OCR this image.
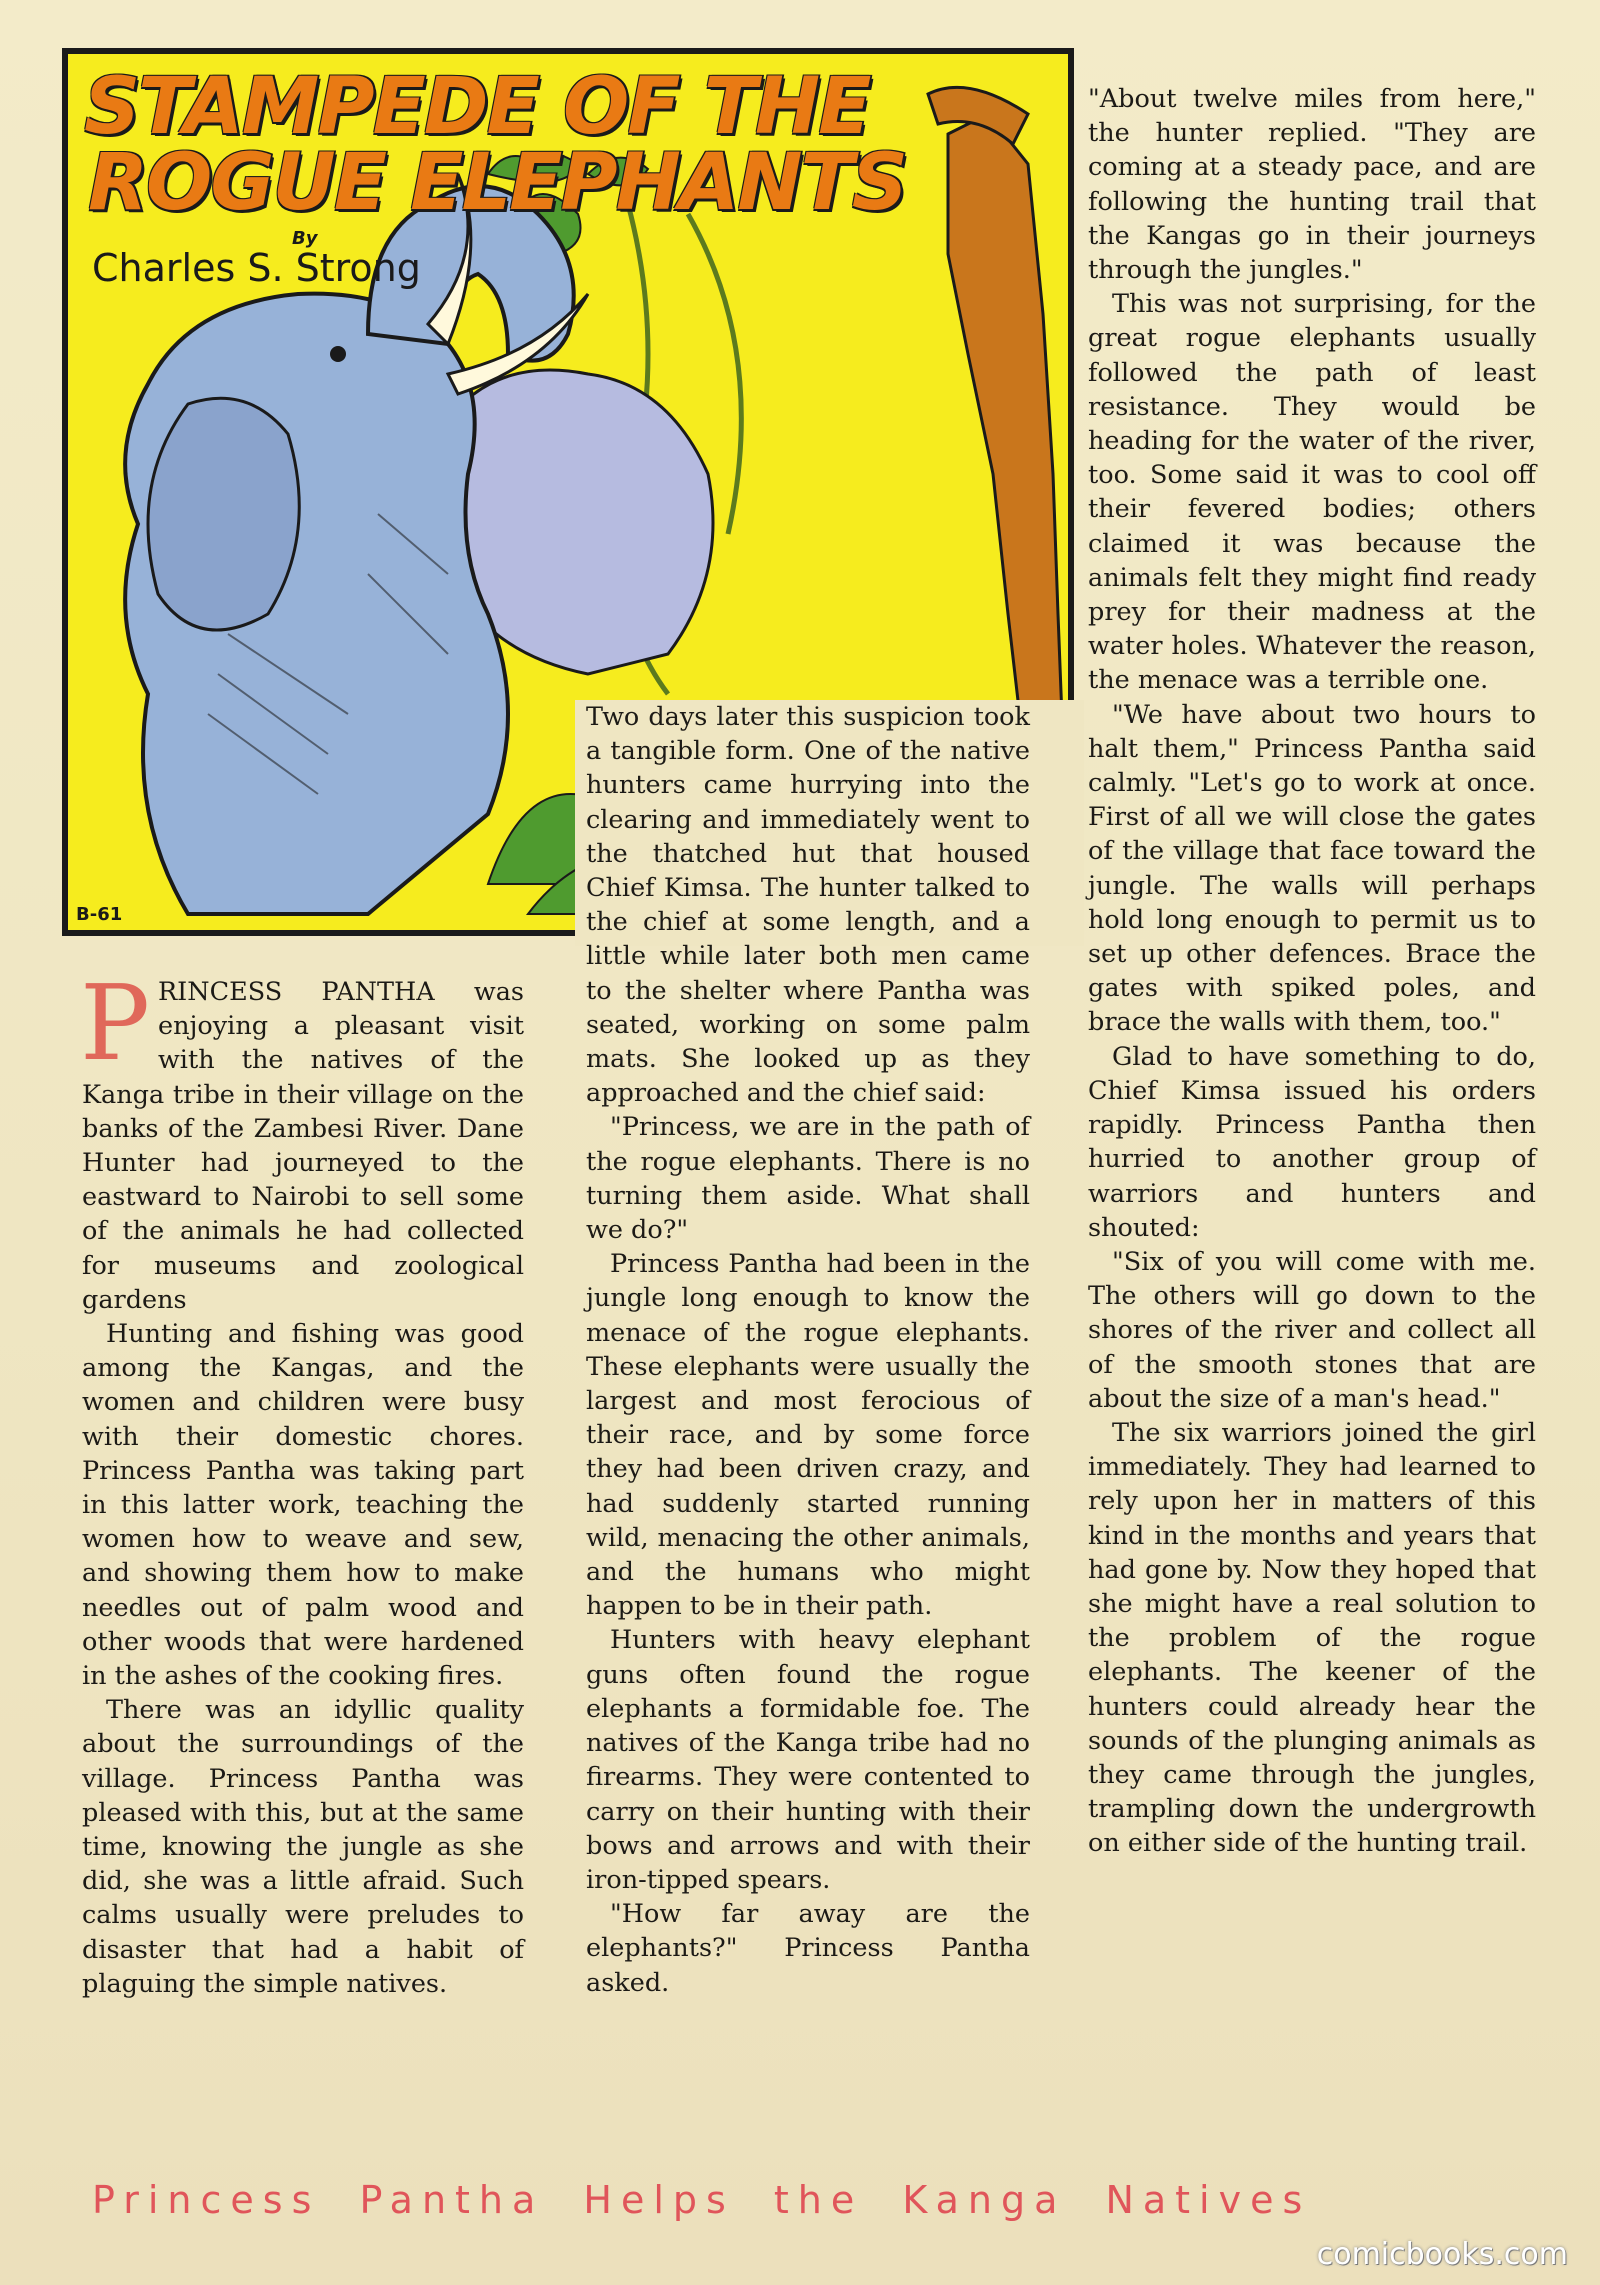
STAMPEDE OF THE
ROGUE ELEPHANTS
By
Charles S. Strong
B-61

PRINCESS PANTHA was enjoying a pleasant visit with the natives of the Kanga tribe in their village on the banks of the Zambesi River. Dane Hunter had journeyed to the eastward to Nairobi to sell some of the animals he had collected for museums and zoological gardens

Hunting and fishing was good among the Kangas, and the women and children were busy with their domestic chores. Princess Pantha was taking part in this latter work, teaching the women how to weave and sew, and showing them how to make needles out of palm wood and other woods that were hardened in the ashes of the cooking fires.

There was an idyllic quality about the surroundings of the village. Princess Pantha was pleased with this, but at the same time, knowing the jungle as she did, she was a little afraid. Such calms usually were preludes to disaster that had a habit of plaguing the simple natives.

Two days later this suspicion took a tangible form. One of the native hunters came hurrying into the clearing and immediately went to the thatched hut that housed Chief Kimsa. The hunter talked to the chief at some length, and a little while later both men came to the shelter where Pantha was seated, working on some palm mats. She looked up as they approached and the chief said:

"Princess, we are in the path of the rogue elephants. There is no turning them aside. What shall we do?"

Princess Pantha had been in the jungle long enough to know the menace of the rogue elephants. These elephants were usually the largest and most ferocious of their race, and by some force they had been driven crazy, and had suddenly started running wild, menacing the other animals, and the humans who might happen to be in their path.

Hunters with heavy elephant guns often found the rogue elephants a formidable foe. The natives of the Kanga tribe had no firearms. They were contented to carry on their hunting with their bows and arrows and with their iron-tipped spears.

"How far away are the elephants?" Princess Pantha asked.

"About twelve miles from here," the hunter replied. "They are coming at a steady pace, and are following the hunting trail that the Kangas go in their journeys through the jungles."

This was not surprising, for the great rogue elephants usually followed the path of least resistance. They would be heading for the water of the river, too. Some said it was to cool off their fevered bodies; others claimed it was because the animals felt they might find ready prey for their madness at the water holes. Whatever the reason, the menace was a terrible one.

"We have about two hours to halt them," Princess Pantha said calmly. "Let's go to work at once. First of all we will close the gates of the village that face toward the jungle. The walls will perhaps hold long enough to permit us to set up other defences. Brace the gates with spiked poles, and brace the walls with them, too."

Glad to have something to do, Chief Kimsa issued his orders rapidly. Princess Pantha then hurried to another group of warriors and hunters and shouted:

"Six of you will come with me. The others will go down to the shores of the river and collect all of the smooth stones that are about the size of a man's head."

The six warriors joined the girl immediately. They had learned to rely upon her in matters of this kind in the months and years that had gone by. Now they hoped that she might have a real solution to the problem of the rogue elephants. The keener of the hunters could already hear the sounds of the plunging animals as they came through the jungles, trampling down the undergrowth on either side of the hunting trail.

Princess Pantha Helps the Kanga Natives
comicbooks.com
